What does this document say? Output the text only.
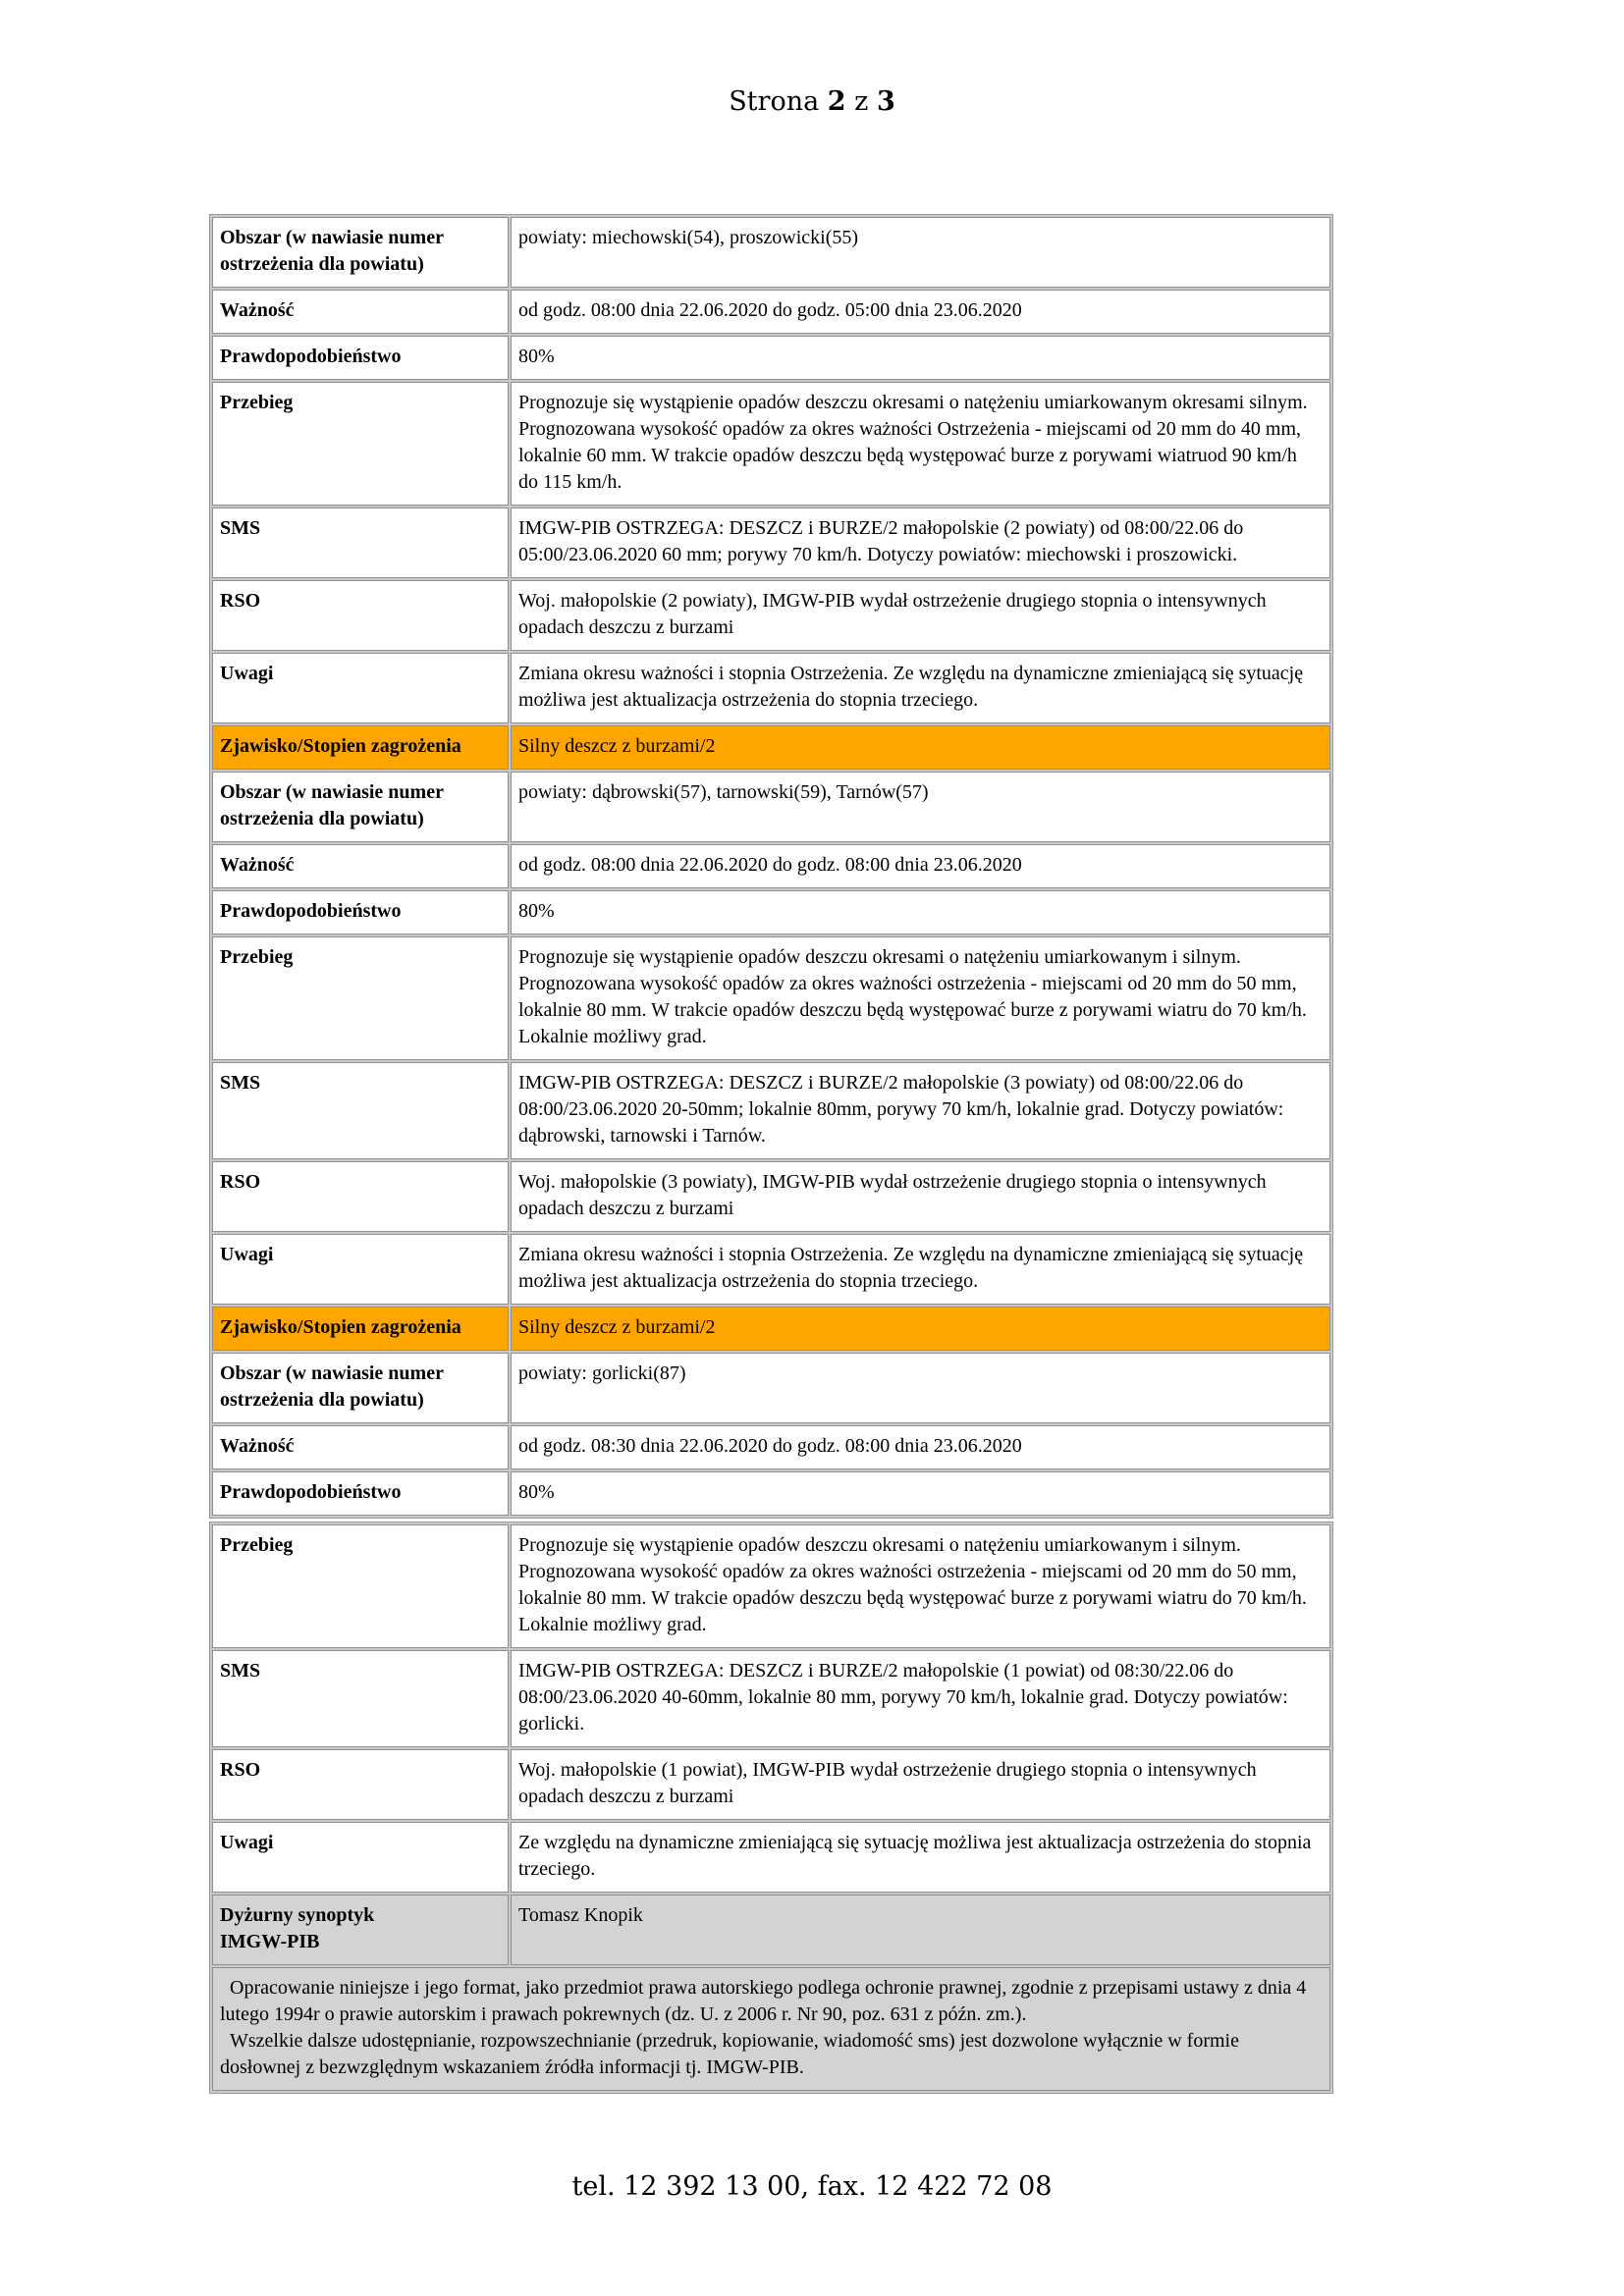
Strona 2 z 3
Obszar (w nawiasie numer ostrzeżenia dla powiatu)	powiaty: miechowski(54), proszowicki(55)
Ważność	od godz. 08:00 dnia 22.06.2020 do godz. 05:00 dnia 23.06.2020
Prawdopodobieństwo	80%
Przebieg	Prognozuje się wystąpienie opadów deszczu okresami o natężeniu umiarkowanym okresami silnym. Prognozowana wysokość opadów za okres ważności Ostrzeżenia - miejscami od 20 mm do 40 mm, lokalnie 60 mm. W trakcie opadów deszczu będą występować burze z porywami wiatruod 90 km/h do 115 km/h.
SMS	IMGW-PIB OSTRZEGA: DESZCZ i BURZE/2 małopolskie (2 powiaty) od 08:00/22.06 do 05:00/23.06.2020 60 mm; porywy 70 km/h. Dotyczy powiatów: miechowski i proszowicki.
RSO	Woj. małopolskie (2 powiaty), IMGW-PIB wydał ostrzeżenie drugiego stopnia o intensywnych opadach deszczu z burzami
Uwagi	Zmiana okresu ważności i stopnia Ostrzeżenia. Ze względu na dynamiczne zmieniającą się sytuację możliwa jest aktualizacja ostrzeżenia do stopnia trzeciego.
Zjawisko/Stopien zagrożenia	Silny deszcz z burzami/2
Obszar (w nawiasie numer ostrzeżenia dla powiatu)	powiaty: dąbrowski(57), tarnowski(59), Tarnów(57)
Ważność	od godz. 08:00 dnia 22.06.2020 do godz. 08:00 dnia 23.06.2020
Prawdopodobieństwo	80%
Przebieg	Prognozuje się wystąpienie opadów deszczu okresami o natężeniu umiarkowanym i silnym. Prognozowana wysokość opadów za okres ważności ostrzeżenia - miejscami od 20 mm do 50 mm, lokalnie 80 mm. W trakcie opadów deszczu będą występować burze z porywami wiatru do 70 km/h. Lokalnie możliwy grad.
SMS	IMGW-PIB OSTRZEGA: DESZCZ i BURZE/2 małopolskie (3 powiaty) od 08:00/22.06 do 08:00/23.06.2020 20-50mm; lokalnie 80mm, porywy 70 km/h, lokalnie grad. Dotyczy powiatów: dąbrowski, tarnowski i Tarnów.
RSO	Woj. małopolskie (3 powiaty), IMGW-PIB wydał ostrzeżenie drugiego stopnia o intensywnych opadach deszczu z burzami
Uwagi	Zmiana okresu ważności i stopnia Ostrzeżenia. Ze względu na dynamiczne zmieniającą się sytuację możliwa jest aktualizacja ostrzeżenia do stopnia trzeciego.
Zjawisko/Stopien zagrożenia	Silny deszcz z burzami/2
Obszar (w nawiasie numer ostrzeżenia dla powiatu)	powiaty: gorlicki(87)
Ważność	od godz. 08:30 dnia 22.06.2020 do godz. 08:00 dnia 23.06.2020
Prawdopodobieństwo	80%
Przebieg	Prognozuje się wystąpienie opadów deszczu okresami o natężeniu umiarkowanym i silnym. Prognozowana wysokość opadów za okres ważności ostrzeżenia - miejscami od 20 mm do 50 mm, lokalnie 80 mm. W trakcie opadów deszczu będą występować burze z porywami wiatru do 70 km/h. Lokalnie możliwy grad.
SMS	IMGW-PIB OSTRZEGA: DESZCZ i BURZE/2 małopolskie (1 powiat) od 08:30/22.06 do 08:00/23.06.2020 40-60mm, lokalnie 80 mm, porywy 70 km/h, lokalnie grad. Dotyczy powiatów: gorlicki.
RSO	Woj. małopolskie (1 powiat), IMGW-PIB wydał ostrzeżenie drugiego stopnia o intensywnych opadach deszczu z burzami
Uwagi	Ze względu na dynamiczne zmieniającą się sytuację możliwa jest aktualizacja ostrzeżenia do stopnia trzeciego.

Dyżurny synoptyk
IMGW-PIB	Tomasz Knopik

Opracowanie niniejsze i jego format, jako przedmiot prawa autorskiego podlega ochronie prawnej, zgodnie z przepisami ustawy z dnia 4 lutego 1994r o prawie autorskim i prawach pokrewnych (dz. U. z 2006 r. Nr 90, poz. 631 z późn. zm.).
Wszelkie dalsze udostępnianie, rozpowszechnianie (przedruk, kopiowanie, wiadomość sms) jest dozwolone wyłącznie w formie dosłownej z bezwzględnym wskazaniem źródła informacji tj. IMGW-PIB.	
tel. 12 392 13 00, fax. 12 422 72 08
